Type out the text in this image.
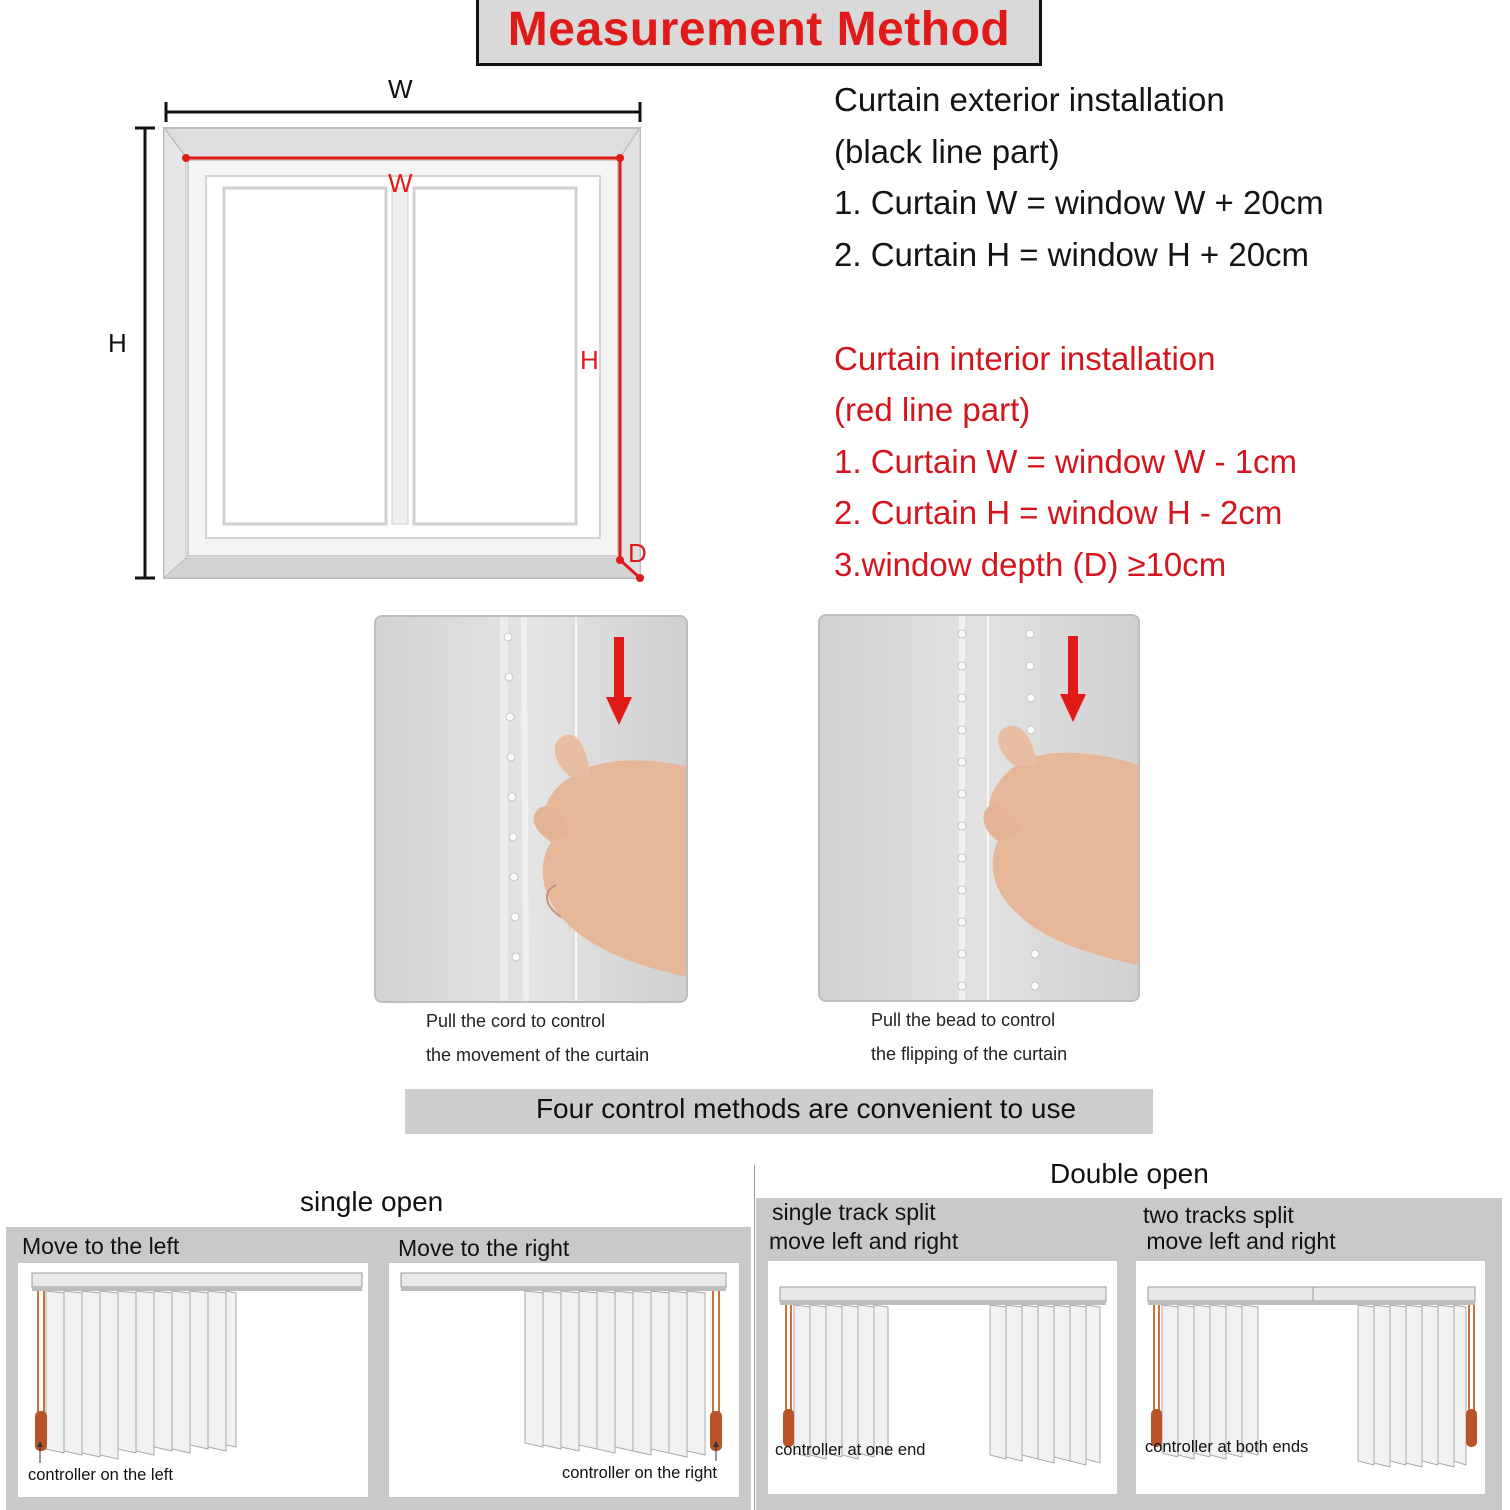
Measurement Method
W
H
W
H
D
Curtain exterior installation
(black line part)
1. Curtain W = window W + 20cm
2. Curtain H = window H + 20cm
Curtain interior installation
(red line part)
1. Curtain W = window W - 1cm
2. Curtain H = window H - 2cm
3.window depth (D) ≥10cm
Pull the cord to control
the movement of the curtain
Pull the bead to control
the flipping of the curtain
Four control methods are convenient to use
single open
Move to the left	Move to the right
controller on the left	controller on the right
Double open
single track split
move left and right
two tracks split
move left and right
controller at one end	controller at both ends
